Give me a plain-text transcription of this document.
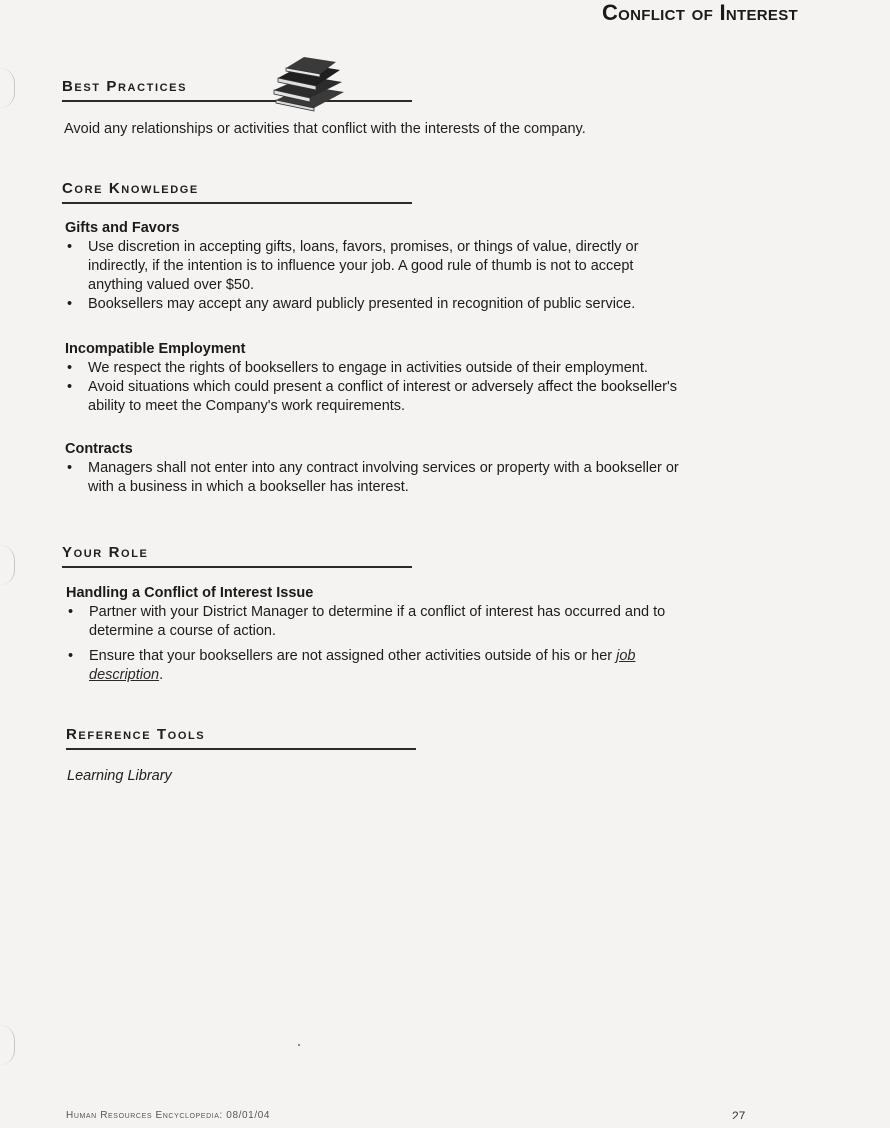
Conflict of Interest
Best Practices
Avoid any relationships or activities that conflict with the interests of the company.
Core Knowledge
Gifts and Favors
• Use discretion in accepting gifts, loans, favors, promises, or things of value, directly or
indirectly, if the intention is to influence your job. A good rule of thumb is not to accept
anything valued over $50.
• Booksellers may accept any award publicly presented in recognition of public service.
Incompatible Employment
• We respect the rights of booksellers to engage in activities outside of their employment.
• Avoid situations which could present a conflict of interest or adversely affect the bookseller's
ability to meet the Company's work requirements.
Contracts
• Managers shall not enter into any contract involving services or property with a bookseller or
with a business in which a bookseller has interest.
Your Role
Handling a Conflict of Interest Issue
• Partner with your District Manager to determine if a conflict of interest has occurred and to
determine a course of action.
• Ensure that your booksellers are not assigned other activities outside of his or her job
description.
Reference Tools
Learning Library
Human Resources Encyclopedia: 08/01/04	27
